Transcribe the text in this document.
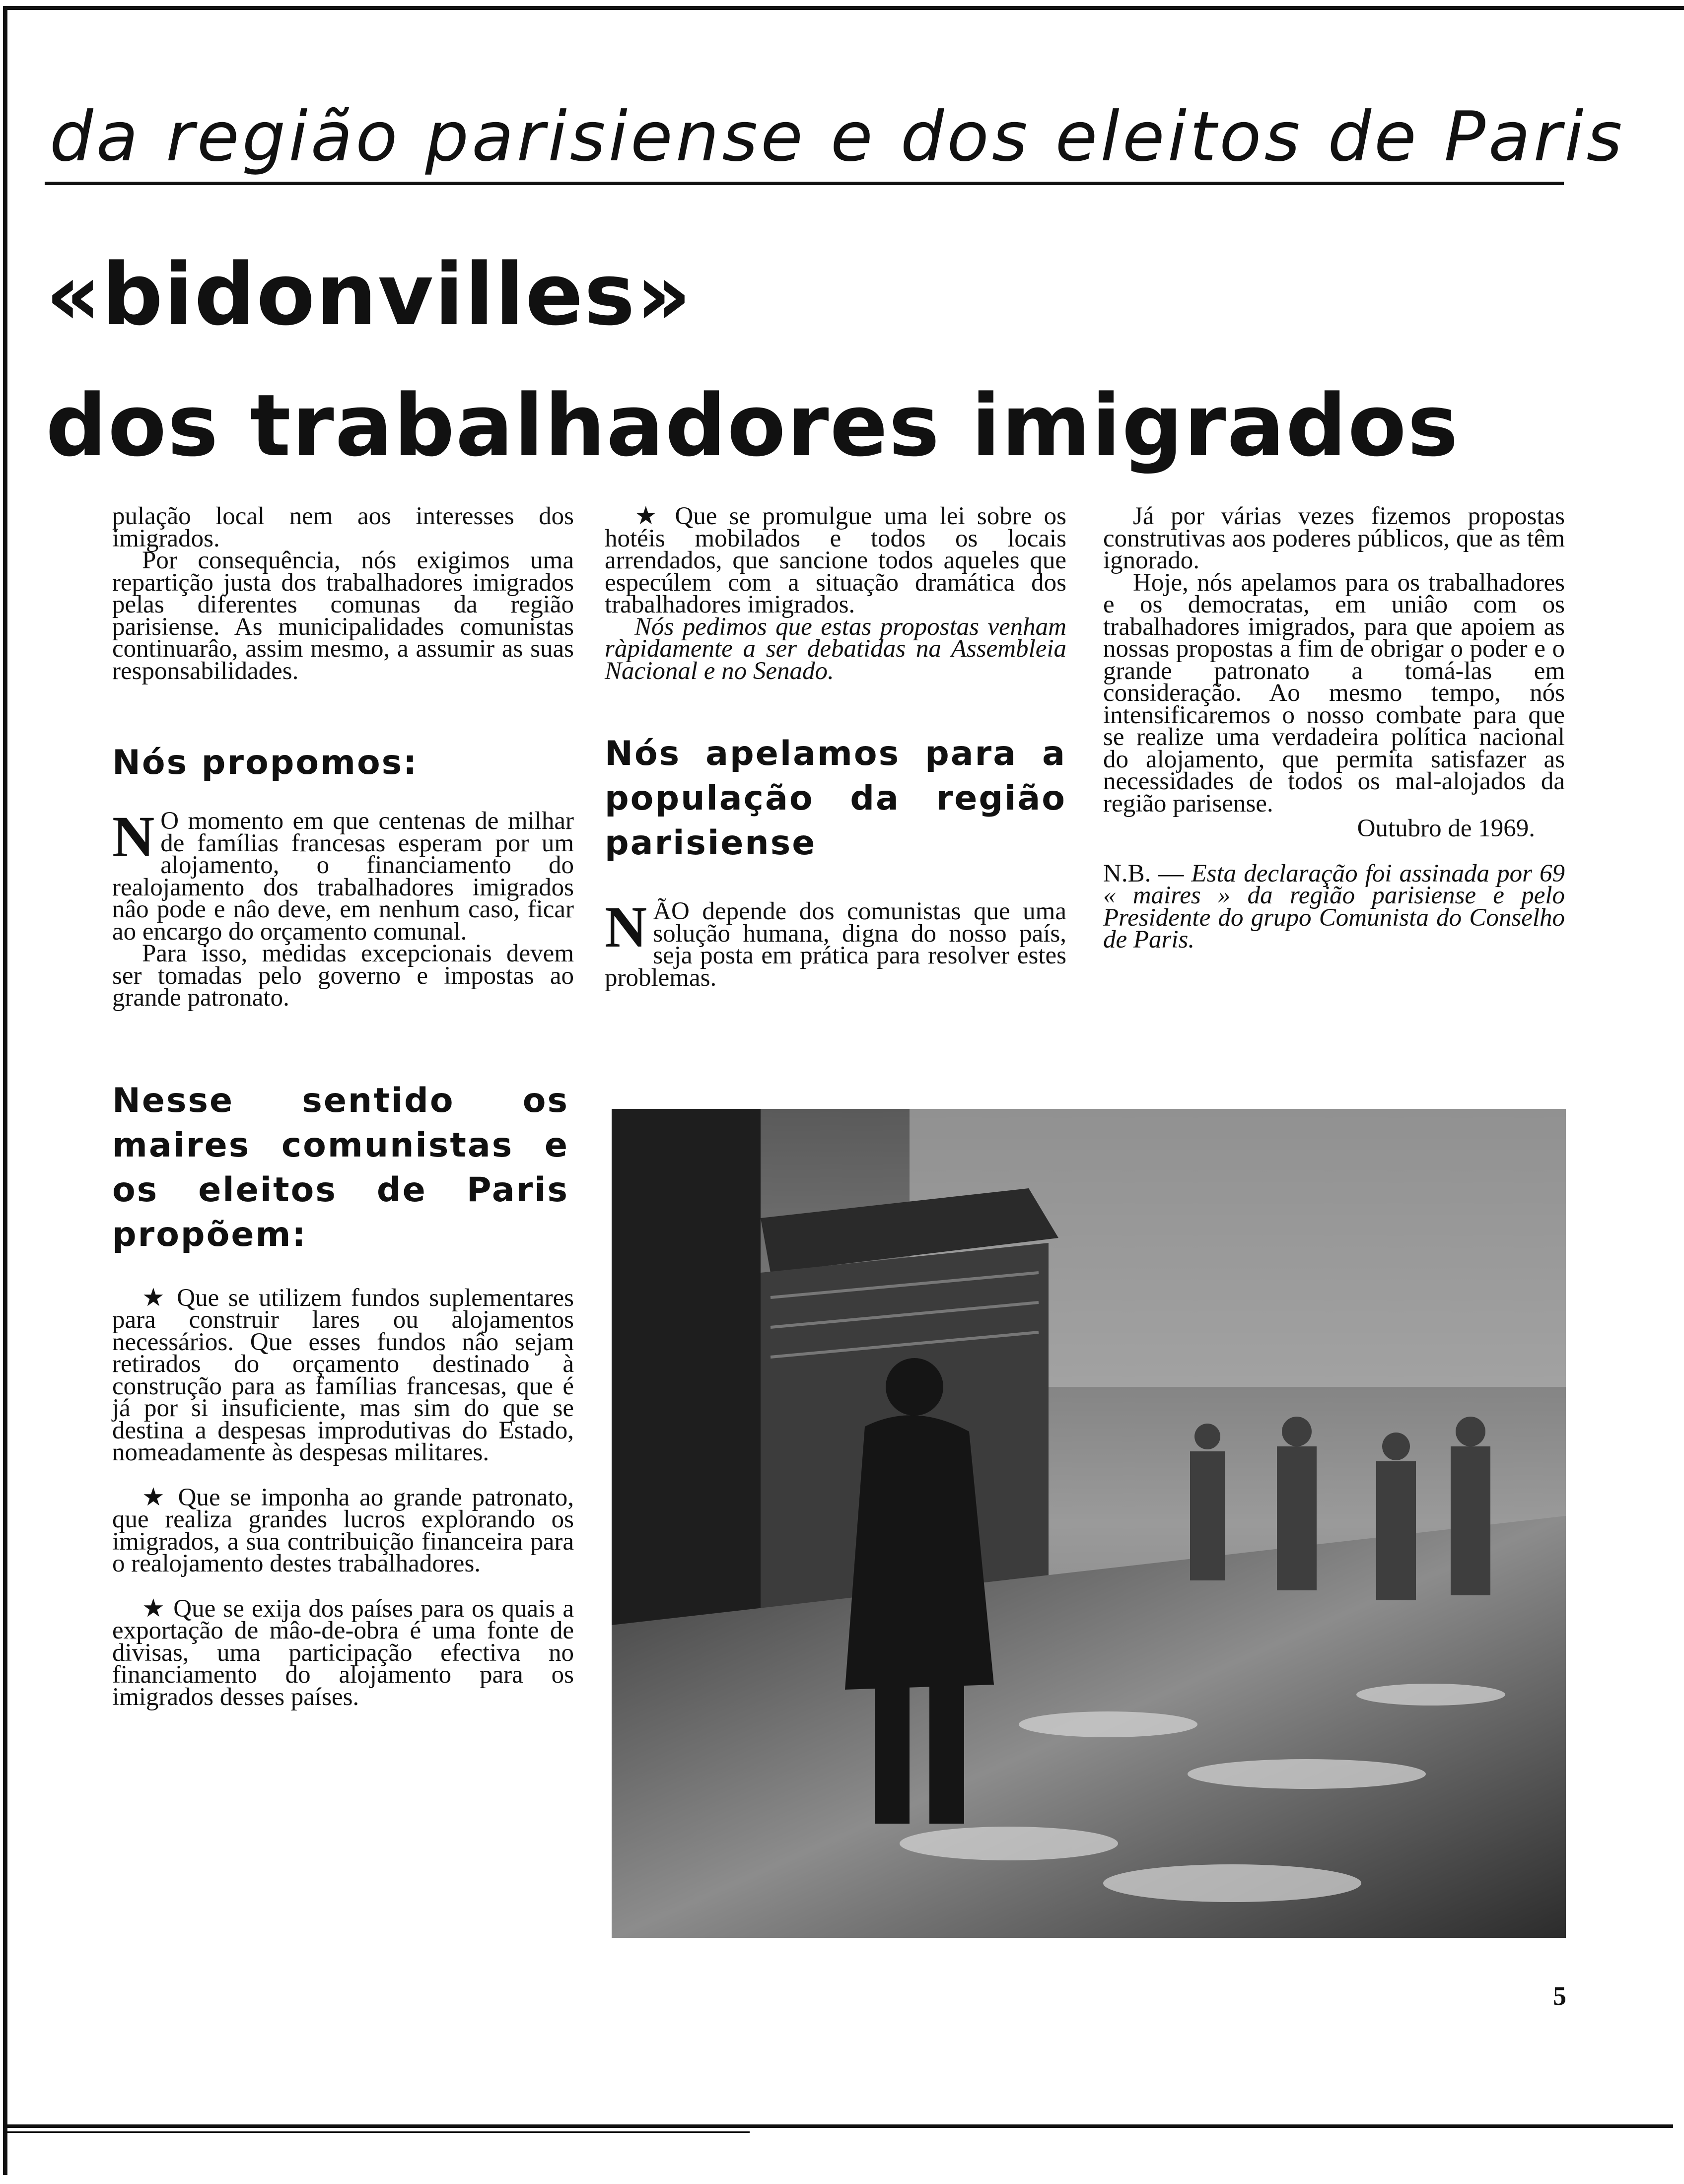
da região parisiense e dos eleitos de Paris
«bidonvilles»
dos trabalhadores imigrados

pulação local nem aos interesses dos imigrados.

Por consequência, nós exigimos uma repartição justa dos trabalhadores imigrados pelas diferentes comunas da região parisiense. As municipalidades comunistas continuarâo, assim mesmo, a assumir as suas responsabilidades.

Nós propomos:

N O momento em que centenas de milhar de famílias francesas esperam por um alojamento, o financiamento do realojamento dos trabalhadores imigrados nâo pode e nâo deve, em nenhum caso, ficar ao encargo do orçamento comunal.

Para isso, medidas excepcionais devem ser tomadas pelo governo e impostas ao grande patronato.

Nesse sentido os maires comunistas e os eleitos de Paris propõem:

★ Que se utilizem fundos suplementares para construir lares ou alojamentos necessários. Que esses fundos nâo sejam retirados do orçamento destinado à construção para as famílias francesas, que é já por si insuficiente, mas sim do que se destina a despesas improdutivas do Estado, nomeadamente às despesas militares.

★ Que se imponha ao grande patronato, que realiza grandes lucros explorando os imigrados, a sua contribuição financeira para o realojamento destes trabalhadores.

★ Que se exija dos países para os quais a exportação de mâo-de-obra é uma fonte de divisas, uma participação efectiva no financiamento do alojamento para os imigrados desses países.

★ Que se promulgue uma lei sobre os hotéis mobilados e todos os locais arrendados, que sancione todos aqueles que especúlem com a situação dramática dos trabalhadores imigrados.

Nós pedimos que estas propostas venham ràpidamente a ser debatidas na Assembleia Nacional e no Senado.

Nós apelamos para a população da região parisiense

NÃO depende dos comunistas que uma solução humana, digna do nosso país, seja posta em prática para resolver estes problemas.

Já por várias vezes fizemos propostas construtivas aos poderes públicos, que as têm ignorado.

Hoje, nós apelamos para os trabalhadores e os democratas, em uniâo com os trabalhadores imigrados, para que apoiem as nossas propostas a fim de obrigar o poder e o grande patronato a tomá-las em consideração. Ao mesmo tempo, nós intensificaremos o nosso combate para que se realize uma verdadeira política nacional do alojamento, que permita satisfazer as necessidades de todos os mal-alojados da região parisense.

Outubro de 1969.

N.B. — Esta declaração foi assinada por 69 « maires » da região parisiense e pelo Presidente do grupo Comunista do Conselho de Paris.

5
